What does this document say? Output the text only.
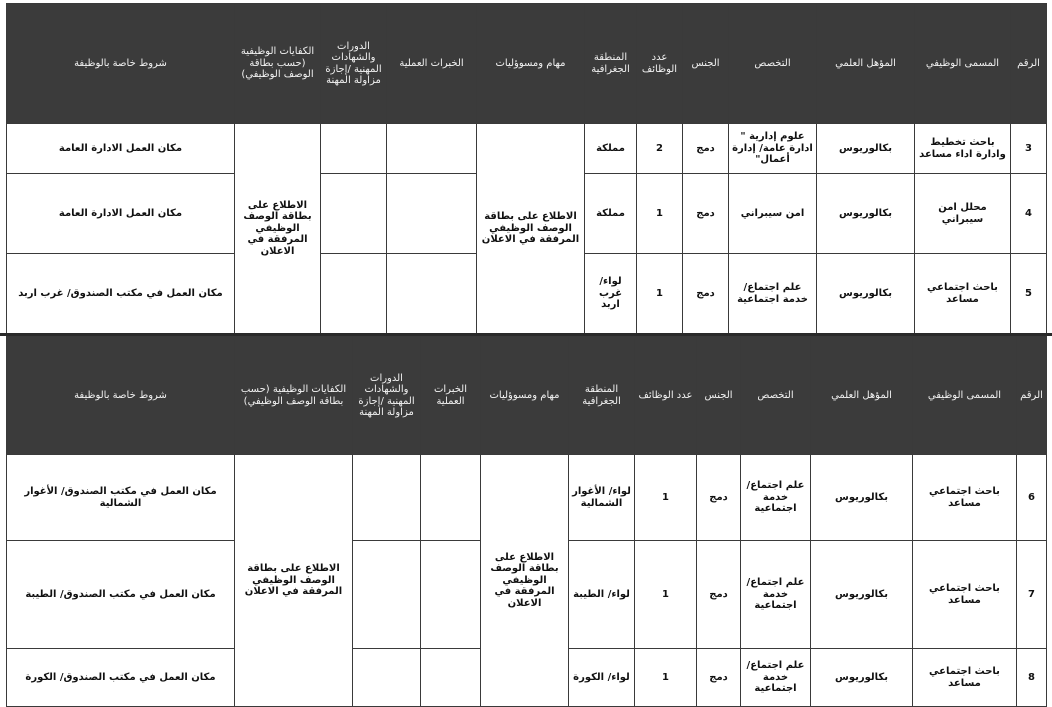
الرقم	المسمى الوظيفي	المؤهل العلمي	التخصص	الجنس	عدد الوظائف	المنطقة الجغرافية	مهام ومسوؤليات	الخبرات العملية	الدورات والشهادات المهنية /إجازة مزاولة المهنة	الكفايات الوظيفية (حسب بطاقة الوصف الوظيفي)	شروط خاصة بالوظيفة
3	باحث تخطيط وادارة اداء مساعد	بكالوريوس	علوم إدارية " ادارة عامة/ إدارة أعمال"	دمج	2	مملكة	الاطلاع على بطاقة الوصف الوظيفي المرفقة في الاعلان			الاطلاع على بطاقة الوصف الوظيفي المرفقة في الاعلان	مكان العمل الادارة العامة
4	محلل امن سيبراني	بكالوريوس	امن سيبراني	دمج	1	مملكة					مكان العمل الادارة العامة
5	باحث اجتماعي مساعد	بكالوريوس	علم اجتماع/ خدمة اجتماعية	دمج	1	لواء/ غرب اربد					مكان العمل في مكتب الصندوق/ غرب اربد
الرقم	المسمى الوظيفي	المؤهل العلمي	التخصص	الجنس	عدد الوظائف	المنطقة الجغرافية	مهام ومسوؤليات	الخبرات العملية	الدورات والشهادات المهنية /إجازة مزاولة المهنة	الكفايات الوظيفية (حسب بطاقة الوصف الوظيفي)	شروط خاصة بالوظيفة
6	باحث اجتماعي مساعد	بكالوريوس	علم اجتماع/ خدمة اجتماعية	دمج	1	لواء/ الأغوار الشمالية	الاطلاع على بطاقة الوصف الوظيفي المرفقة في الاعلان			الاطلاع على بطاقة الوصف الوظيفي المرفقة في الاعلان	مكان العمل في مكتب الصندوق/ الأغوار الشمالية
7	باحث اجتماعي مساعد	بكالوريوس	علم اجتماع/ خدمة اجتماعية	دمج	1	لواء/ الطيبة					مكان العمل في مكتب الصندوق/ الطيبة
8	باحث اجتماعي مساعد	بكالوريوس	علم اجتماع/ خدمة اجتماعية	دمج	1	لواء/ الكورة					مكان العمل في مكتب الصندوق/ الكورة
